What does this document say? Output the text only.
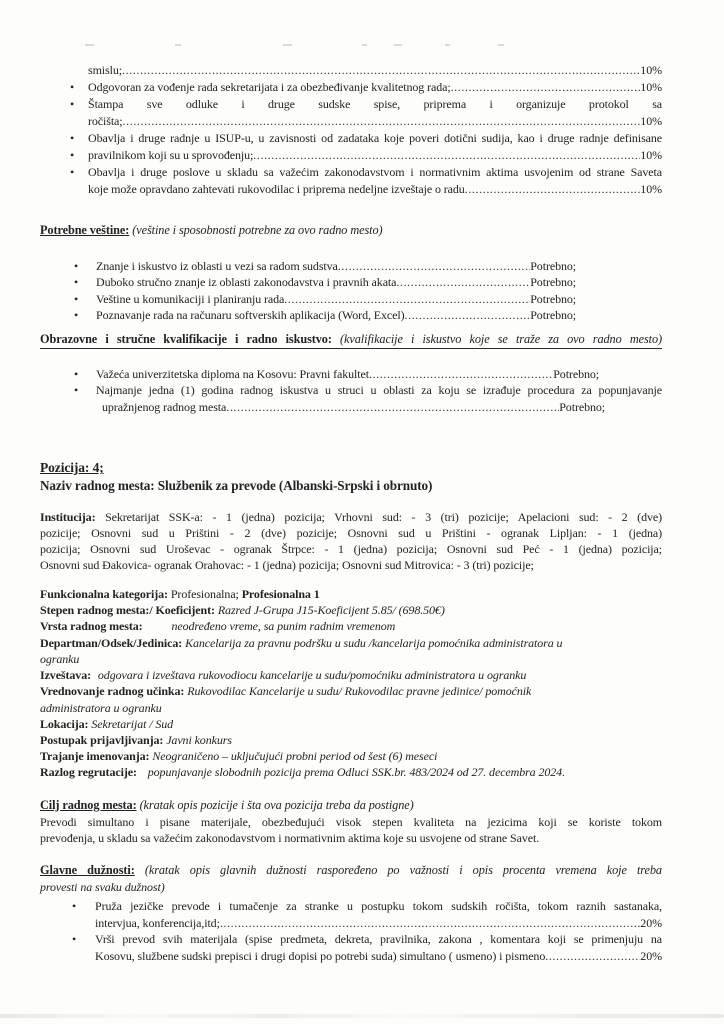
smislu; .....	10%
• Odgovoran za vođenje rada sekretarijata i za obezbeđivanje kvalitetnog rada; .....	10%
• Štampa sve odluke i druge sudske spise, priprema i organizuje protokol sa
ročišta; .....	10%
• Obavlja i druge radnje u ISUP-u, u zavisnosti od zadataka koje poveri dotični sudija, kao i druge radnje definisane
• pravilnikom koji su u sprovođenju; .....	10%
• Obavlja i druge poslove u skladu sa važećim zakonodavstvom i normativnim aktima usvojenim od strane Saveta
koje može opravdano zahtevati rukovodilac i priprema nedeljne izveštaje o radu .....	10%
Potrebne veštine: (veštine i sposobnosti potrebne za ovo radno mesto)
• Znanje i iskustvo iz oblasti u vezi sa radom sudstva .....	Potrebno;
• Duboko stručno znanje iz oblasti zakonodavstva i pravnih akata .....	Potrebno;
• Veštine u komunikaciji i planiranju rada .....	Potrebno;
• Poznavanje rada na računaru softverskih aplikacija (Word, Excel) .....	Potrebno;
Obrazovne i stručne kvalifikacije i radno iskustvo: (kvalifikacije i iskustvo koje se traže za ovo radno mesto)
• Važeća univerzitetska diploma na Kosovu: Pravni fakultet .....	Potrebno;
• Najmanje jedna (1) godina radnog iskustva u struci u oblasti za koju se izrađuje procedura za popunjavanje
upražnjenog radnog mesta .....	Potrebno;
Pozicija: 4;
Naziv radnog mesta: Službenik za prevode (Albanski-Srpski i obrnuto)
Institucija: Sekretarijat SSK-a: - 1 (jedna) pozicija; Vrhovni sud: - 3 (tri) pozicije; Apelacioni sud: - 2 (dve)
pozicije; Osnovni sud u Prištini - 2 (dve) pozicije; Osnovni sud u Prištini - ogranak Lipljan: - 1 (jedna)
pozicija; Osnovni sud Uroševac - ogranak Štrpce: - 1 (jedna) pozicija; Osnovni sud Peć - 1 (jedna) pozicija;
Osnovni sud Đakovica- ogranak Orahovac: - 1 (jedna) pozicija; Osnovni sud Mitrovica: - 3 (tri) pozicije;
Funkcionalna kategorija: Profesionalna; Profesionalna 1
Stepen radnog mesta:/ Koeficijent: Razred J-Grupa J15-Koeficijent 5.85/ (698.50€)
Vrsta radnog mesta: neodređeno vreme, sa punim radnim vremenom
Departman/Odsek/Jedinica: Kancelarija za pravnu podršku u sudu /kancelarija pomoćnika administratora u
ogranku
Izveštava: odgovara i izveštava rukovodiocu kancelarije u sudu/pomoćniku administratora u ogranku
Vrednovanje radnog učinka: Rukovodilac Kancelarije u sudu/ Rukovodilac pravne jedinice/ pomoćnik
administratora u ogranku
Lokacija: Sekretarijat / Sud
Postupak prijavljivanja: Javni konkurs
Trajanje imenovanja: Neograničeno – uključujući probni period od šest (6) meseci
Razlog regrutacije: popunjavanje slobodnih pozicija prema Odluci SSK.br. 483/2024 od 27. decembra 2024.
Cilj radnog mesta: (kratak opis pozicije i šta ova pozicija treba da postigne)
Prevodi simultano i pisane materijale, obezbeđujući visok stepen kvaliteta na jezicima koji se koriste tokom
prevođenja, u skladu sa važećim zakonodavstvom i normativnim aktima koje su usvojene od strane Savet.
Glavne dužnosti: (kratak opis glavnih dužnosti raspoređeno po važnosti i opis procenta vremena koje treba
provesti na svaku dužnost)
• Pruža jezičke prevode i tumačenje za stranke u postupku tokom sudskih ročišta, tokom raznih sastanaka,
intervjua, konferencija,itd; .....	20%
• Vrši prevod svih materijala (spise predmeta, dekreta, pravilnika, zakona , komentara koji se primenjuju na
Kosovu, službene sudski prepisci i drugi dopisi po potrebi suda) simultano ( usmeno) i pismeno .....	20%
